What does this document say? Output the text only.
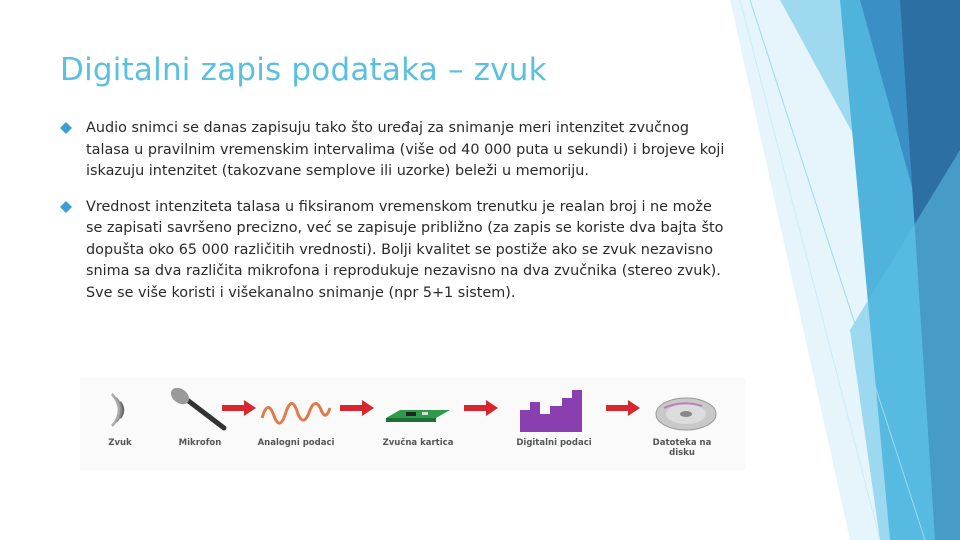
Digitalni zapis podataka – zvuk
Audio snimci se danas zapisuju tako što uređaj za snimanje meri intenzitet zvučnog talasa u pravilnim vremenskim intervalima (više od 40 000 puta u sekundi) i brojeve koji iskazuju intenzitet (takozvane semplove ili uzorke) beleži u memoriju.
Vrednost intenziteta talasa u fiksiranom vremenskom trenutku je realan broj i ne može se zapisati savršeno precizno, već se zapisuje približno (za zapis se koriste dva bajta što dopušta oko 65 000 različitih vrednosti). Bolji kvalitet se postiže ako se zvuk nezavisno snima sa dva različita mikrofona i reprodukuje nezavisno na dva zvučnika (stereo zvuk). Sve se više koristi i višekanalno snimanje (npr 5+1 sistem).
Zvuk	Mikrofon	Analogni podaci	Zvučna kartica	Digitalni podaci	Datoteka na disku
